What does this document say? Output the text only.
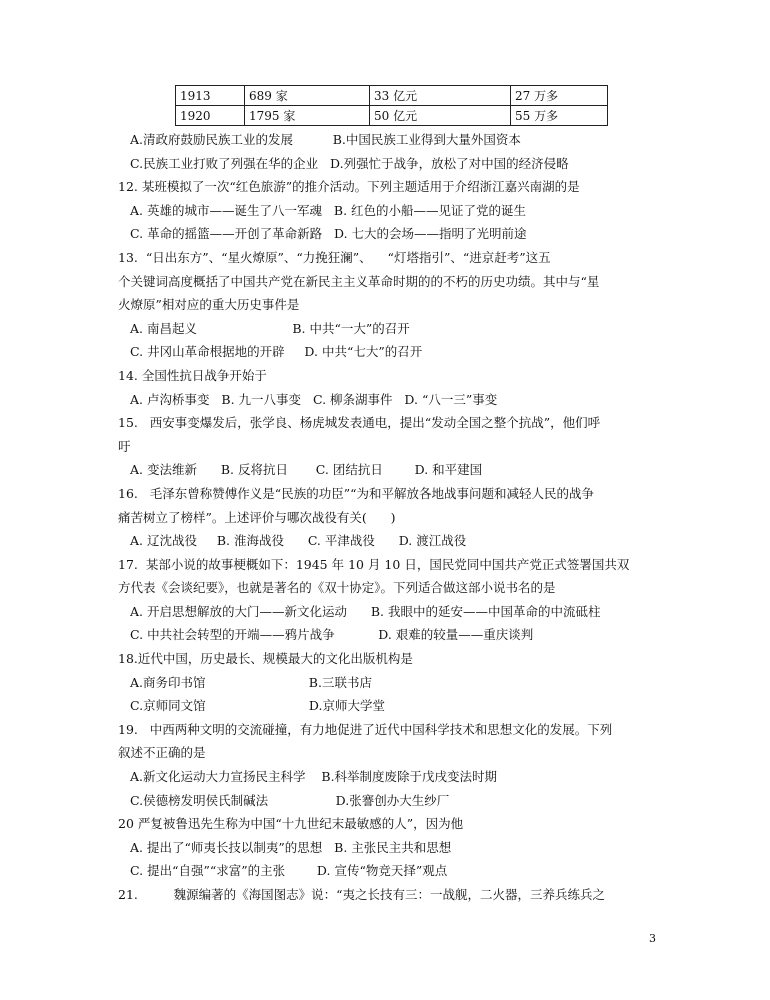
1913	689 家	33 亿元	27 万多
1920	1795 家	50 亿元	55 万多
A.清政府鼓励民族工业的发展          B.中国民族工业得到大量外国资本
C.民族工业打败了列强在华的企业   D.列强忙于战争，放松了对中国的经济侵略
12. 某班模拟了一次“红色旅游”的推介活动。下列主题适用于介绍浙江嘉兴南湖的是
A. 英雄的城市——诞生了八一军魂   B. 红色的小船——见证了党的诞生
C. 革命的摇篮——开创了革命新路   D. 七大的会场——指明了光明前途
13.  “日出东方”、“星火燎原”、“力挽狂澜”、    “灯塔指引”、“进京赶考”这五
个关键词高度概括了中国共产党在新民主主义革命时期的的不朽的历史功绩。其中与“星
火燎原”相对应的重大历史事件是
A. 南昌起义                        B. 中共“一大”的召开
C. 井冈山革命根据地的开辟     D. 中共“七大”的召开
14. 全国性抗日战争开始于
A. 卢沟桥事变   B. 九一八事变   C. 柳条湖事件   D. “八一三”事变
15.   西安事变爆发后，张学良、杨虎城发表通电，提出“发动全国之整个抗战”，他们呼
吁
A. 变法维新      B. 反将抗日       C. 团结抗日        D. 和平建国
16.   毛泽东曾称赞傅作义是“民族的功臣”“为和平解放各地战事问题和减轻人民的战争
痛苦树立了榜样”。上述评价与哪次战役有关(      )
A. 辽沈战役     B. 淮海战役      C. 平津战役      D. 渡江战役
17.  某部小说的故事梗概如下：1945 年 10 月 10 日，国民党同中国共产党正式签署国共双
方代表《会谈纪要》，也就是著名的《双十协定》。下列适合做这部小说书名的是
A. 开启思想解放的大门——新文化运动      B. 我眼中的延安——中国革命的中流砥柱
C. 中共社会转型的开端——鸦片战争           D. 艰难的较量——重庆谈判
18.近代中国，历史最长、规模最大的文化出版机构是
A.商务印书馆                          B.三联书店
C.京师同文馆                          D.京师大学堂
19.   中西两种文明的交流碰撞，有力地促进了近代中国科学技术和思想文化的发展。下列
叙述不正确的是
A.新文化运动大力宣扬民主科学    B.科举制度废除于戊戌变法时期
C.侯德榜发明侯氏制碱法                 D.张謇创办大生纱厂
20 严复被鲁迅先生称为中国“十九世纪末最敏感的人”，因为他
A. 提出了“师夷长技以制夷”的思想   B. 主张民主共和思想
C. 提出“自强”“求富”的主张        D. 宣传“物竞天择”观点
21.         魏源编著的《海国图志》说：“夷之长技有三：一战舰，二火器，三养兵练兵之
3
